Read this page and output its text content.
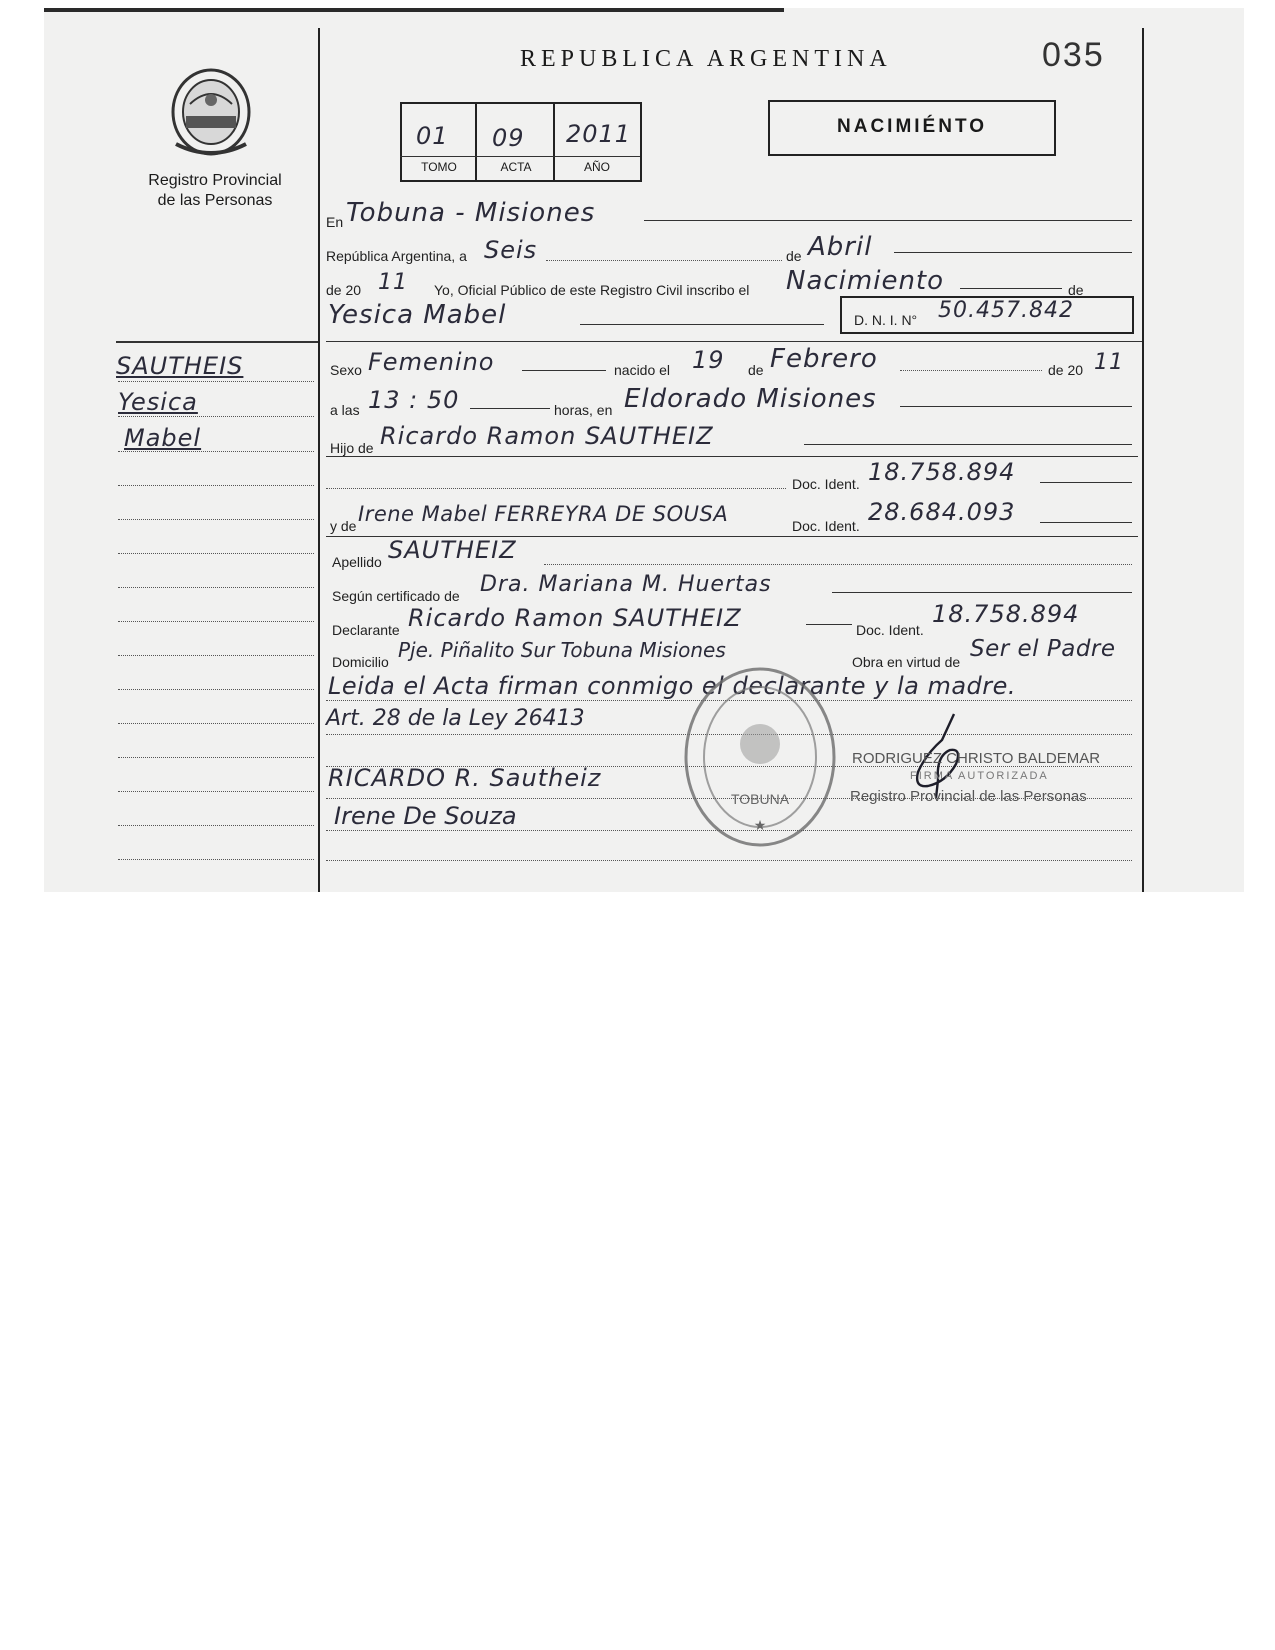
Registro Provincial
de las Personas
REPUBLICA ARGENTINA	035
01 09 2011
TOMO	ACTA	AÑO
NACIMIÉNTO
SAUTHEIS
Yesica
Mabel
En Tobuna - Misiones
República Argentina, a Seis	de Abril
de 20 11 Yo, Oficial Público de este Registro Civil inscribo el Nacimiento	de
Yesica Mabel	D. N. I. N° 50.457.842
Sexo Femenino	nacido el 19 de Febrero	de 20 11
a las 13 : 50	horas, en Eldorado Misiones
Hijo de Ricardo Ramon SAUTHEIZ
Doc. Ident. 18.758.894
y de Irene Mabel FERREYRA DE SOUSA	Doc. Ident. 28.684.093
Apellido SAUTHEIZ
Según certificado de Dra. Mariana M. Huertas
Declarante Ricardo Ramon SAUTHEIZ	Doc. Ident.
18.758.894
Domicilio Pje. Piñalito Sur Tobuna Misiones	Obra en virtud de Ser el Padre
Leida el Acta firman conmigo el declarante y la madre.
Art. 28 de la Ley 26413
TOBUNA
★
RICARDO R. Sautheiz
Irene De Souza
RODRIGUEZ CHRISTO BALDEMAR
FIRMA AUTORIZADA
Registro Provincial de las Personas
